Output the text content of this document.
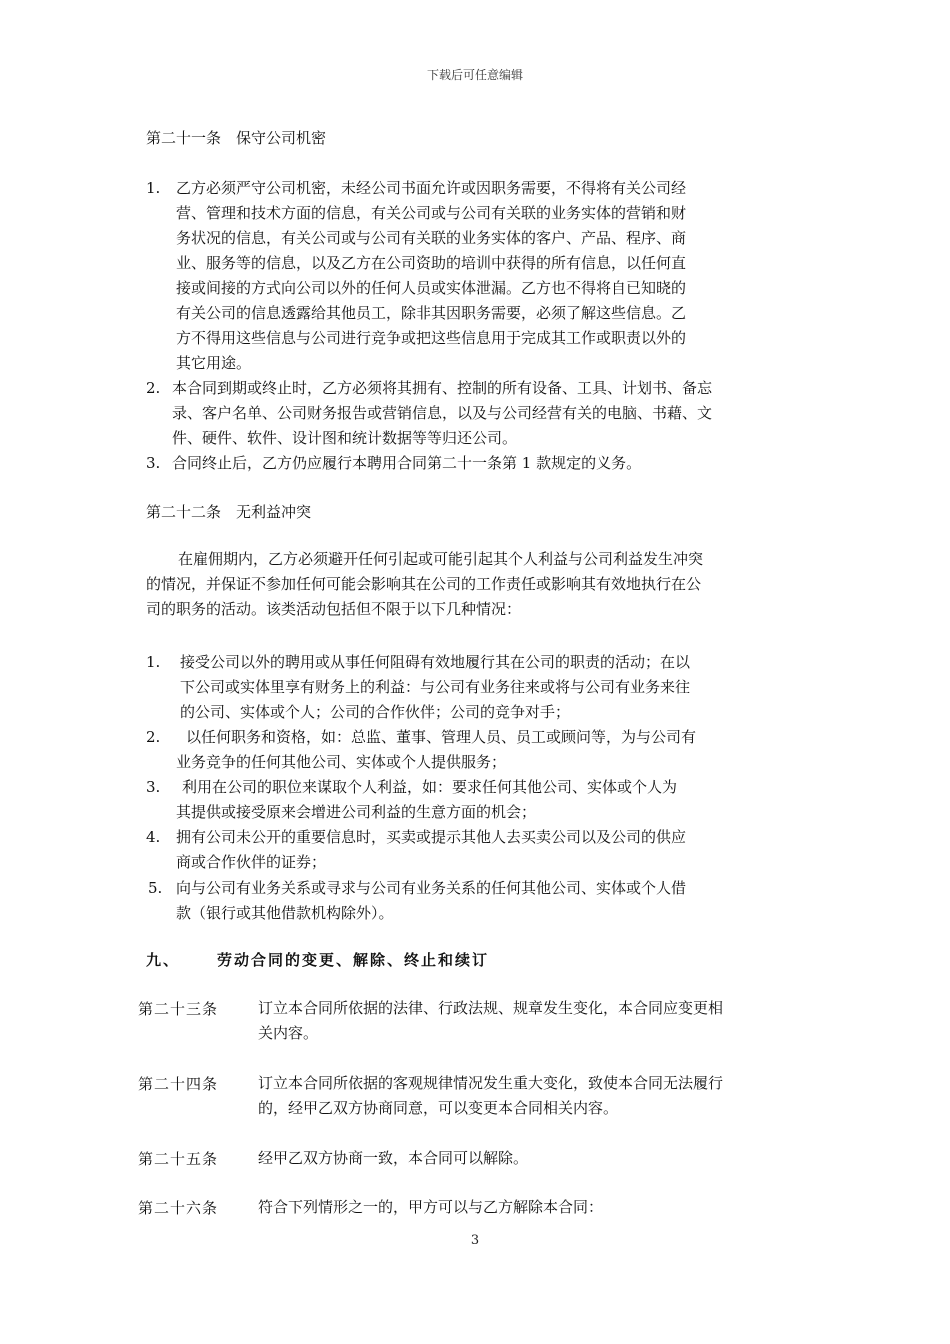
下载后可任意编辑
第二十一条　保守公司机密
1. 乙方必须严守公司机密，未经公司书面允许或因职务需要，不得将有关公司经
营、管理和技术方面的信息，有关公司或与公司有关联的业务实体的营销和财
务状况的信息，有关公司或与公司有关联的业务实体的客户、产品、程序、商
业、服务等的信息，以及乙方在公司资助的培训中获得的所有信息，以任何直
接或间接的方式向公司以外的任何人员或实体泄漏。乙方也不得将自已知晓的
有关公司的信息透露给其他员工，除非其因职务需要，必须了解这些信息。乙
方不得用这些信息与公司进行竞争或把这些信息用于完成其工作或职责以外的
其它用途。
2. 本合同到期或终止时，乙方必须将其拥有、控制的所有设备、工具、计划书、备忘
录、客户名单、公司财务报告或营销信息，以及与公司经营有关的电脑、书藉、文
件、硬件、软件、设计图和统计数据等等归还公司。
3. 合同终止后，乙方仍应履行本聘用合同第二十一条第 1 款规定的义务。
第二十二条　无利益冲突
在雇佣期内，乙方必须避开任何引起或可能引起其个人利益与公司利益发生冲突
的情况，并保证不参加任何可能会影响其在公司的工作责任或影响其有效地执行在公
司的职务的活动。该类活动包括但不限于以下几种情况：
1. 接受公司以外的聘用或从事任何阻碍有效地履行其在公司的职责的活动；在以
下公司或实体里享有财务上的利益：与公司有业务往来或将与公司有业务来往
的公司、实体或个人；公司的合作伙伴；公司的竞争对手；
2.	以任何职务和资格，如：总监、董事、管理人员、员工或顾问等，为与公司有
业务竞争的任何其他公司、实体或个人提供服务；
3.	利用在公司的职位来谋取个人利益，如：要求任何其他公司、实体或个人为
其提供或接受原来会增进公司利益的生意方面的机会；
4. 拥有公司未公开的重要信息时，买卖或提示其他人去买卖公司以及公司的供应
商或合作伙伴的证券；
5. 向与公司有业务关系或寻求与公司有业务关系的任何其他公司、实体或个人借
款（银行或其他借款机构除外）。
九、 劳动合同的变更、解除、终止和续订
第二十三条	订立本合同所依据的法律、行政法规、规章发生变化，本合同应变更相
关内容。
第二十四条	订立本合同所依据的客观规律情况发生重大变化，致使本合同无法履行
的，经甲乙双方协商同意，可以变更本合同相关内容。
第二十五条	经甲乙双方协商一致，本合同可以解除。
第二十六条	符合下列情形之一的，甲方可以与乙方解除本合同：
3
